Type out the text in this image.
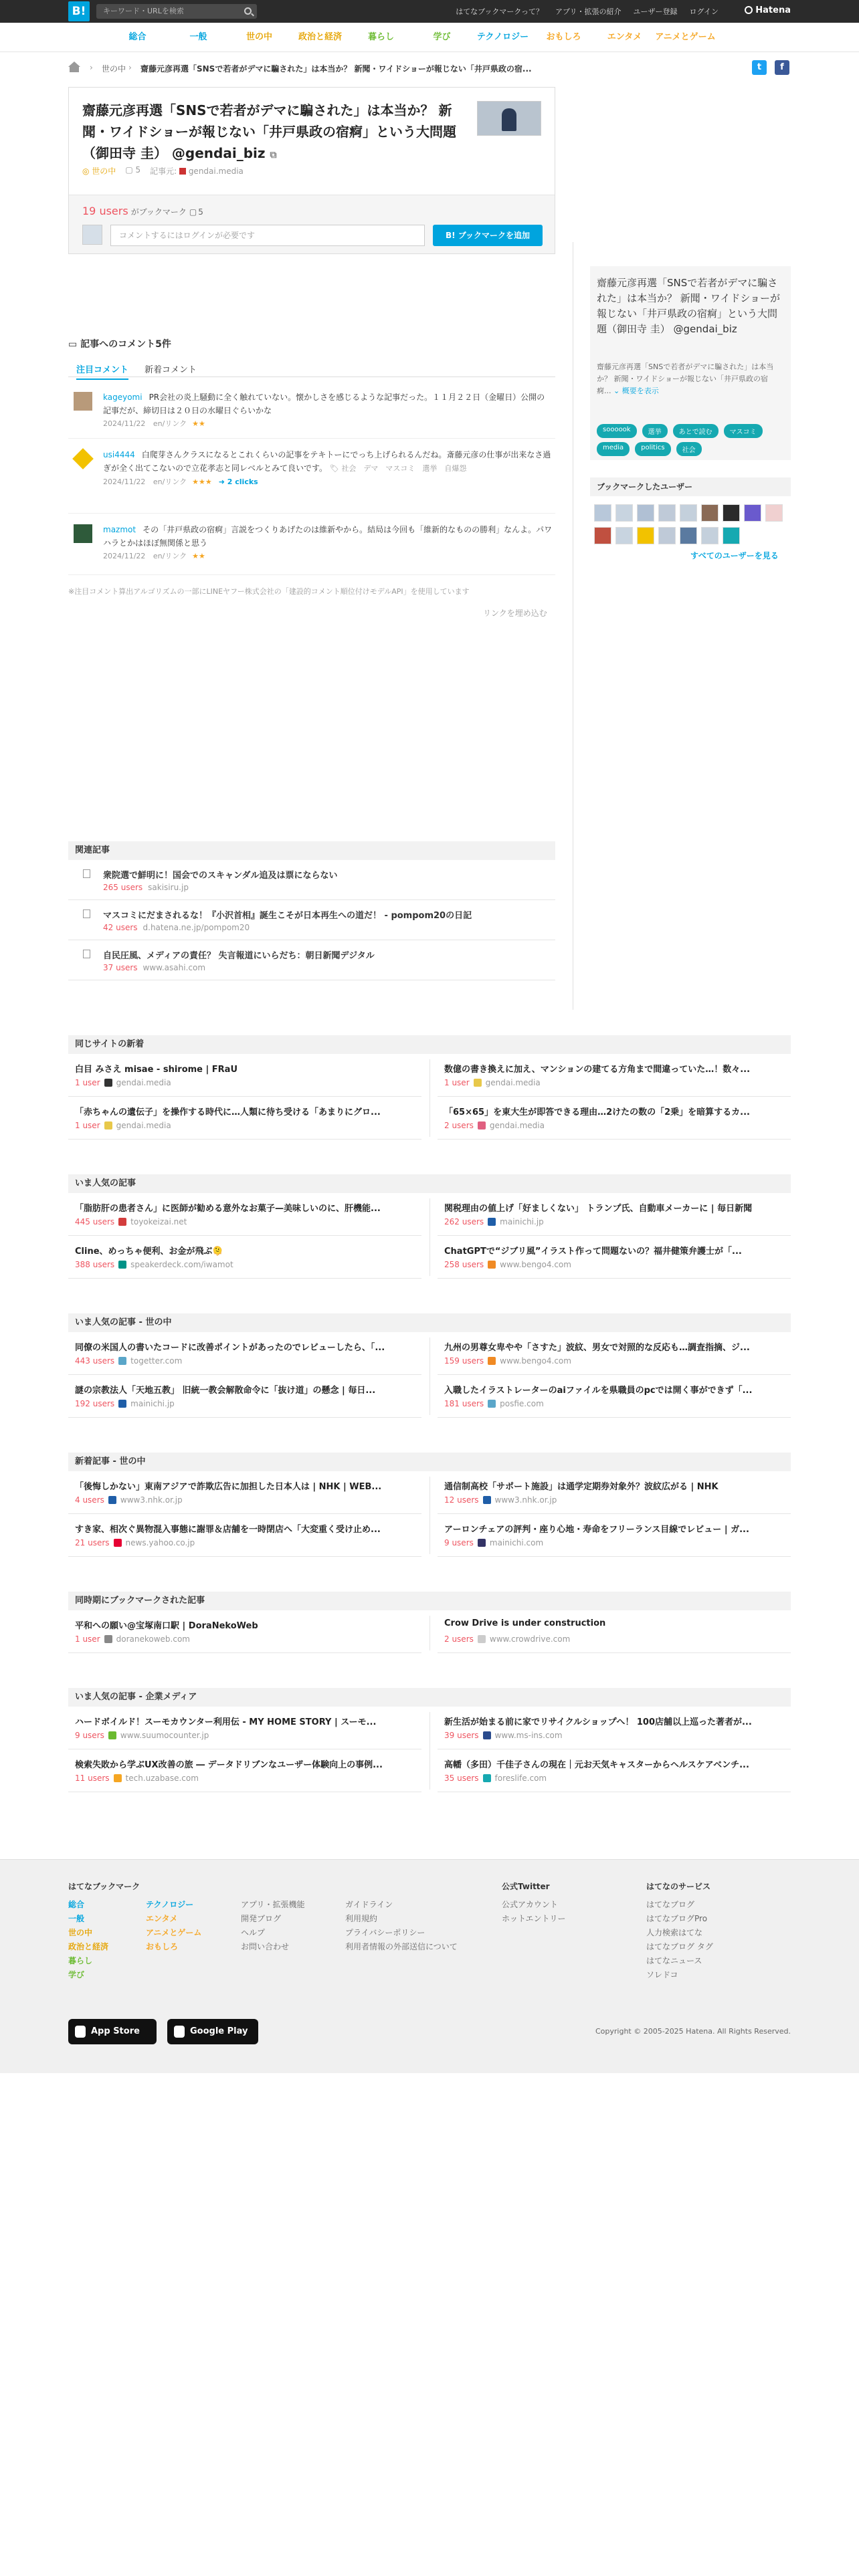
B!	キーワード・URLを検索	はてなブックマークって？ アプリ・拡張の紹介 ユーザー登録 ログイン	Hatena
総合	一般	世の中	政治と経済	暮らし	学び	テクノロジー	おもしろ	エンタメ	アニメとゲーム
› 世の中 › 齋藤元彦再選「SNSで若者がデマに騙された」は本当か？ 新聞・ワイドショーが報じない「井戸県政の宿...	t	f
齋藤元彦再選「SNSで若者がデマに騙された」は本当か？ 新聞・ワイドショーが報じない「井戸県政の宿痾」という大問題（御田寺 圭） @gendai_biz ⧉
◎ 世の中 ▢ 5 記事元:  gendai.media
19 users がブックマーク ▢ 5
コメントするにはログインが必要です	B! ブックマークを追加
▭ 記事へのコメント5件
注目コメント 新着コメント
kageyomi PR会社の炎上騒動に全く触れていない。懐かしさを感じるような記事だった。１１月２２日（金曜日）公開の記事だが、締切日は２０日の水曜日ぐらいかな
2024/11/22 en/リンク ★★
usi4444 白爬芽さんクラスになるとこれくらいの記事をテキトーにでっち上げられるんだね。斎藤元彦の仕事が出来なさ過ぎが全く出てこないので立花孝志と同レベルとみて良いです。 🏷 社会　デマ　マスコミ　選挙　自爆怨
2024/11/22 en/リンク ★★★ ➜ 2 clicks
mazmot その「井戸県政の宿痾」言説をつくりあげたのは維新やから。結局は今回も「維新的なものの勝利」なんよ。パワハラとかはほぼ無関係と思う
2024/11/22 en/リンク ★★
※注目コメント算出アルゴリズムの一部にLINEヤフー株式会社の「建設的コメント順位付けモデルAPI」を使用しています
リンクを埋め込む
関連記事
衆院選で鮮明に！国会でのスキャンダル追及は票にならない
265 users sakisiru.jp
マスコミにだまされるな！『小沢首相』誕生こそが日本再生への道だ！ - pompom20の日記
42 users d.hatena.ne.jp/pompom20
自民圧風、メディアの責任？ 失言報道にいらだち：朝日新聞デジタル
37 users www.asahi.com
齋藤元彦再選「SNSで若者がデマに騙された」は本当か？ 新聞・ワイドショーが報じない「井戸県政の宿痾」という大問題（御田寺 圭） @gendai_biz
齋藤元彦再選「SNSで若者がデマに騙された」は本当か？ 新聞・ワイドショーが報じない「井戸県政の宿痾... ⌄ 概要を表示
soooook	選挙	あとで読む	マスコミ
media	politics	社会
ブックマークしたユーザー
すべてのユーザーを見る
同じサイトの新着
白目 みさえ misae - shirome | FRaU
1 user gendai.media
数億の書き換えに加え、マンションの建てる方角まで間違っていた…！数々...
1 user gendai.media
「赤ちゃんの遺伝子」を操作する時代に…人類に待ち受ける「あまりにグロ...
1 user gendai.media
「65×65」を東大生が即答できる理由…2けたの数の「2乗」を暗算するカ...
2 users gendai.media
いま人気の記事
「脂肪肝の患者さん」に医師が勧める意外なお菓子—美味しいのに、肝機能...
445 users toyokeizai.net
関税理由の値上げ「好ましくない」 トランプ氏、自動車メーカーに | 毎日新聞
262 users mainichi.jp
Cline、めっちゃ便利、お金が飛ぶ🫠
388 users speakerdeck.com/iwamot
ChatGPTで“ジブリ風”イラスト作って問題ないの？福井健策弁護士が「...
258 users www.bengo4.com
いま人気の記事 - 世の中
同僚の米国人の書いたコードに改善ポイントがあったのでレビューしたら、「...
443 users togetter.com
九州の男尊女卑やや「さすた」波紋、男女で対照的な反応も…調査指摘、ジ...
159 users www.bengo4.com
謎の宗教法人「天地五教」 旧統一教会解散命令に「抜け道」の懸念 | 毎日...
192 users mainichi.jp
入職したイラストレーターのaiファイルを県職員のpcでは開く事ができず「...
181 users posfie.com
新着記事 - 世の中
「後悔しかない」東南アジアで詐欺広告に加担した日本人は | NHK | WEB...
4 users www3.nhk.or.jp
通信制高校「サポート施設」は通学定期券対象外？波紋広がる | NHK
12 users www3.nhk.or.jp
すき家、相次ぐ異物混入事態に謝罪＆店舗を一時閉店へ「大変重く受け止め...
21 users news.yahoo.co.jp
アーロンチェアの評判・座り心地・寿命をフリーランス目線でレビュー | ガ...
9 users mainichi.com
同時期にブックマークされた記事
平和への願い@宝塚南口駅 | DoraNekoWeb
1 user doranekoweb.com
Crow Drive is under construction
2 users www.crowdrive.com
いま人気の記事 - 企業メディア
ハードボイルド！スーモカウンター利用伝 - MY HOME STORY | スーモ...
9 users www.suumocounter.jp
新生活が始まる前に家でリサイクルショップへ！ 100店舗以上巡った著者が...
39 users www.ms-ins.com
検索失敗から学ぶUX改善の旅 ― データドリブンなユーザー体験向上の事例...
11 users tech.uzabase.com
高幡（多田）千佳子さんの現在｜元お天気キャスターからヘルスケアベンチ...
35 users foreslife.com
はてなブックマーク
総合
一般
世の中
政治と経済
暮らし
学び
テクノロジー
エンタメ
アニメとゲーム
おもしろ
アプリ・拡張機能
開発ブログ
ヘルプ
お問い合わせ
ガイドライン
利用規約
プライバシーポリシー
利用者情報の外部送信について
公式Twitter
公式アカウント
ホットエントリー
はてなのサービス
はてなブログ
はてなブログPro
人力検索はてな
はてなブログ タグ
はてなニュース
ソレドコ
App Store	Google Play	Copyright © 2005-2025 Hatena. All Rights Reserved.
